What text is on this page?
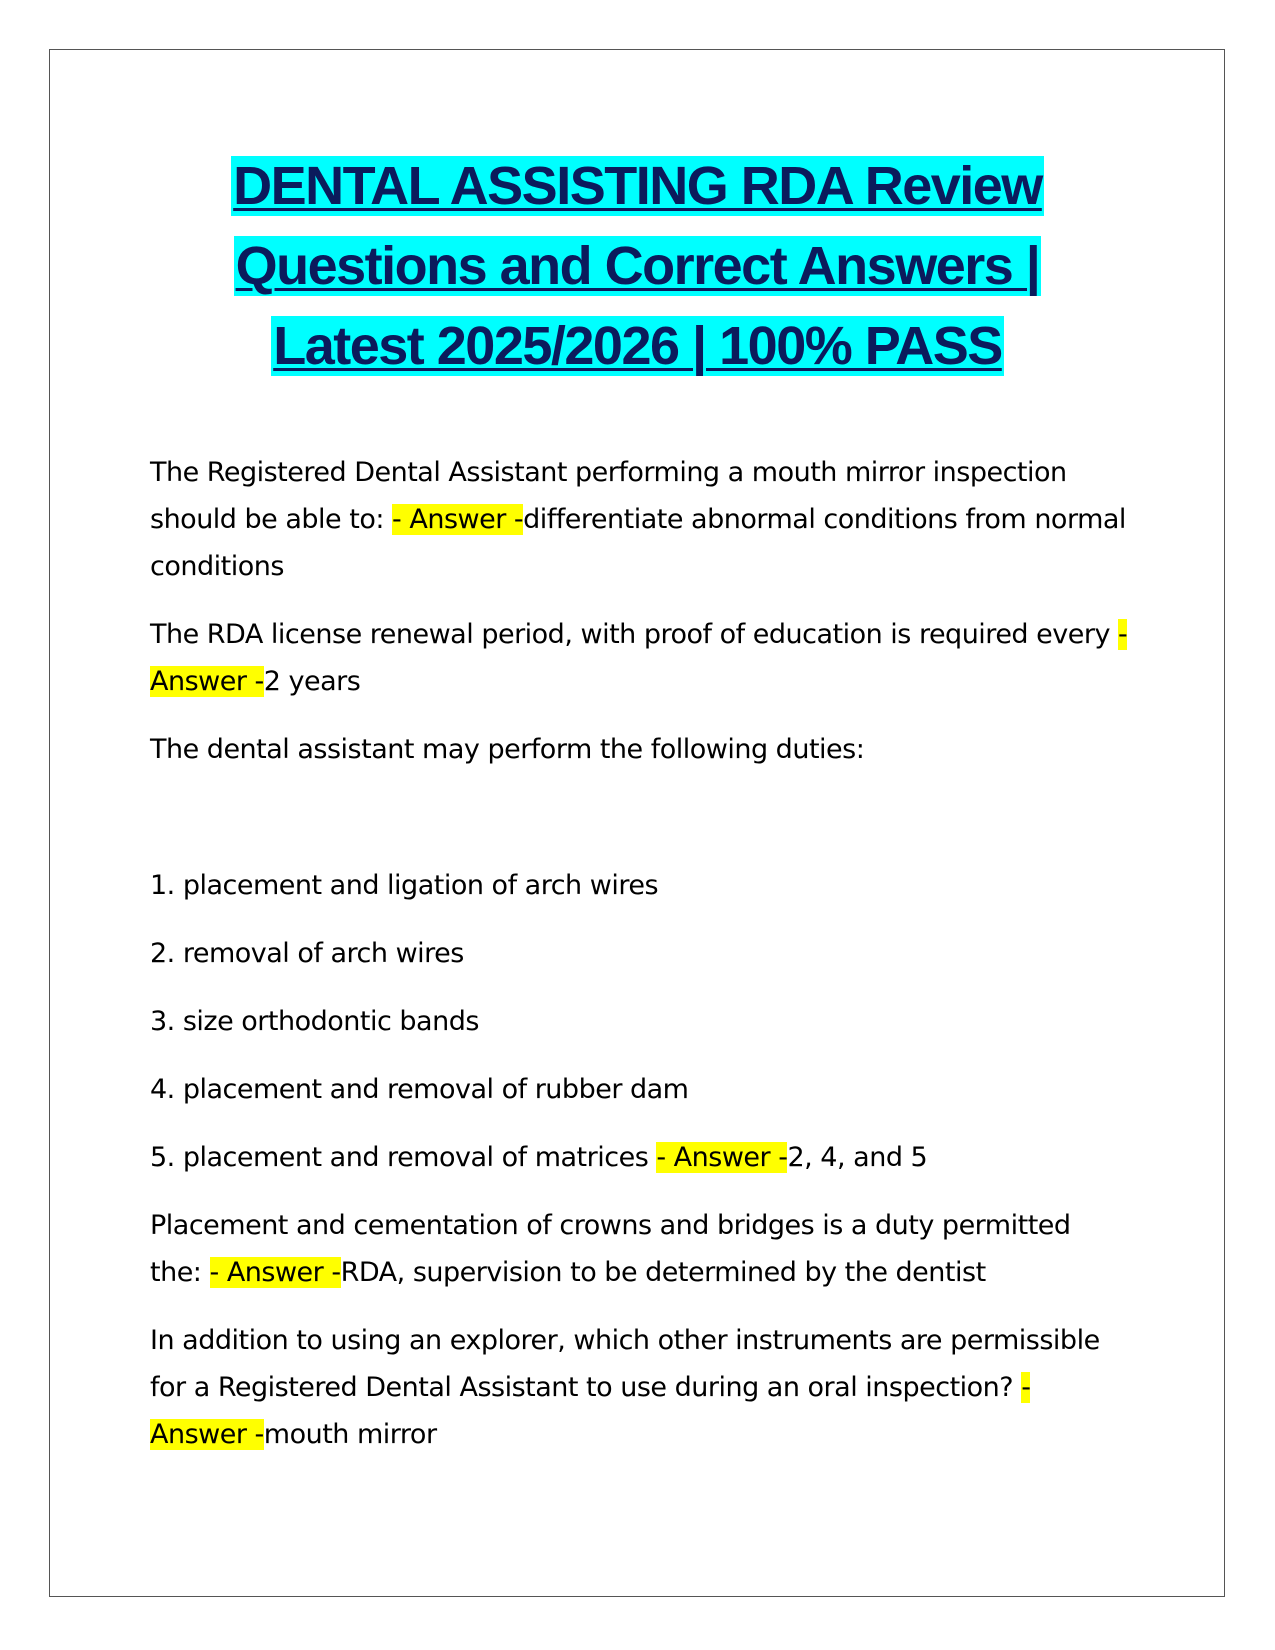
DENTAL ASSISTING RDA Review
Questions and Correct Answers |
Latest 2025/2026 | 100% PASS

The Registered Dental Assistant performing a mouth mirror inspection should be able to: - Answer -differentiate abnormal conditions from normal conditions

The RDA license renewal period, with proof of education is required every - Answer -2 years

The dental assistant may perform the following duties:

1. placement and ligation of arch wires

2. removal of arch wires

3. size orthodontic bands

4. placement and removal of rubber dam

5. placement and removal of matrices - Answer -2, 4, and 5

Placement and cementation of crowns and bridges is a duty permitted the: - Answer -RDA, supervision to be determined by the dentist

In addition to using an explorer, which other instruments are permissible for a Registered Dental Assistant to use during an oral inspection? - Answer -mouth mirror
